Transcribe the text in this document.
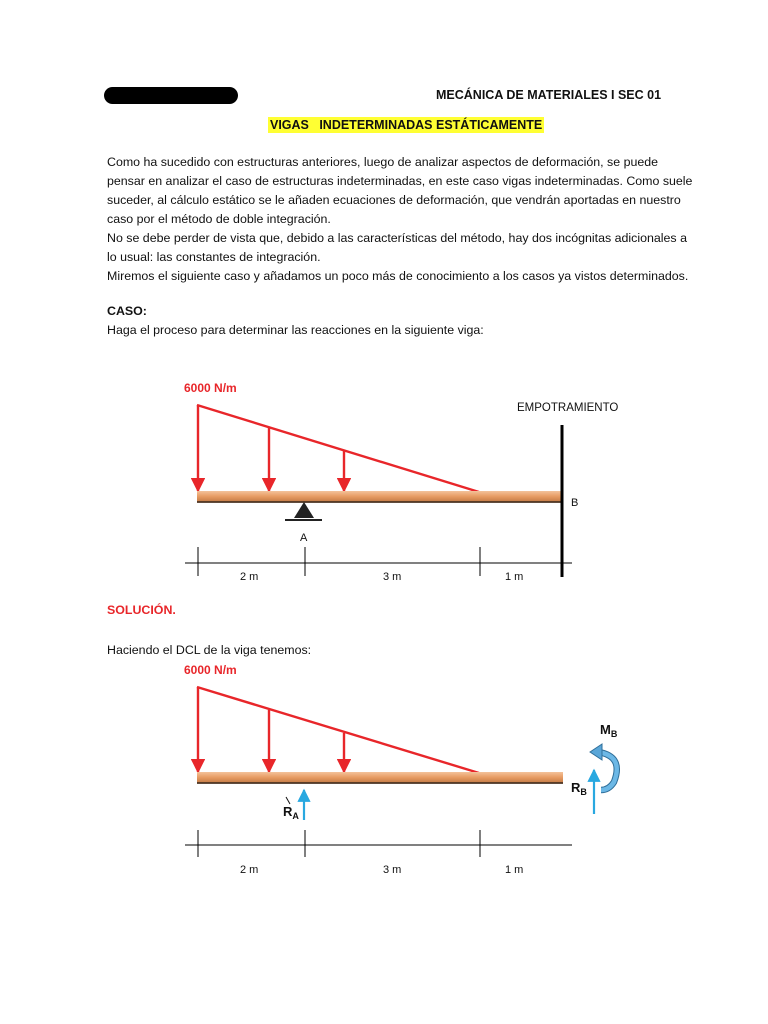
MECÁNICA DE MATERIALES I SEC 01
VIGAS   INDETERMINADAS ESTÁTICAMENTE

Como ha sucedido con estructuras anteriores, luego de analizar aspectos de deformación, se puede pensar en analizar el caso de estructuras indeterminadas, en este caso vigas indeterminadas. Como suele suceder, al cálculo estático se le añaden ecuaciones de deformación, que vendrán aportadas en nuestro caso por el método de doble integración.

No se debe perder de vista que, debido a las características del método, hay dos incógnitas adicionales a lo usual: las constantes de integración.

Miremos el siguiente caso y añadamos un poco más de conocimiento a los casos ya vistos determinados.

CASO:
Haga el proceso para determinar las reacciones en la siguiente viga:
6000 N/m
EMPOTRAMIENTO
B
A
2 m	3 m	1 m
SOLUCIÓN.
Haciendo el DCL de la viga tenemos:
6000 N/m
$R_A$
$R_B$
$M_B$
2 m	3 m	1 m
